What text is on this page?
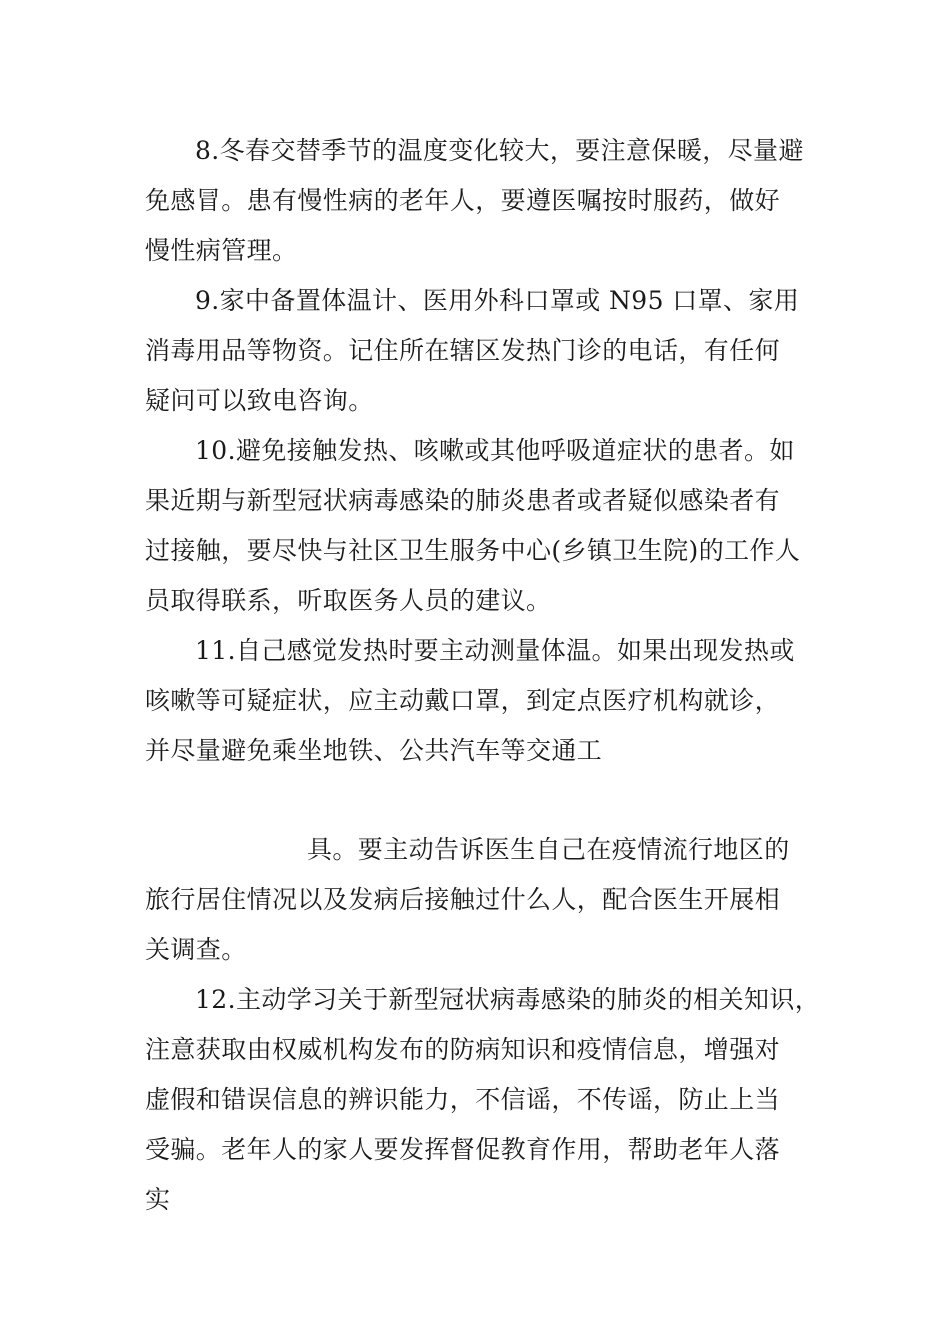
8.冬春交替季节的温度变化较大，要注意保暖，尽量避

免感冒。患有慢性病的老年人，要遵医嘱按时服药，做好

慢性病管理。

9.家中备置体温计、医用外科口罩或 N95 口罩、家用

消毒用品等物资。记住所在辖区发热门诊的电话，有任何

疑问可以致电咨询。

10.避免接触发热、咳嗽或其他呼吸道症状的患者。如

果近期与新型冠状病毒感染的肺炎患者或者疑似感染者有

过接触，要尽快与社区卫生服务中心(乡镇卫生院)的工作人

员取得联系，听取医务人员的建议。

11.自己感觉发热时要主动测量体温。如果出现发热或

咳嗽等可疑症状，应主动戴口罩，到定点医疗机构就诊，

并尽量避免乘坐地铁、公共汽车等交通工

具。要主动告诉医生自己在疫情流行地区的

旅行居住情况以及发病后接触过什么人，配合医生开展相

关调查。

12.主动学习关于新型冠状病毒感染的肺炎的相关知识，

注意获取由权威机构发布的防病知识和疫情信息，增强对

虚假和错误信息的辨识能力，不信谣，不传谣，防止上当

受骗。老年人的家人要发挥督促教育作用，帮助老年人落

实
